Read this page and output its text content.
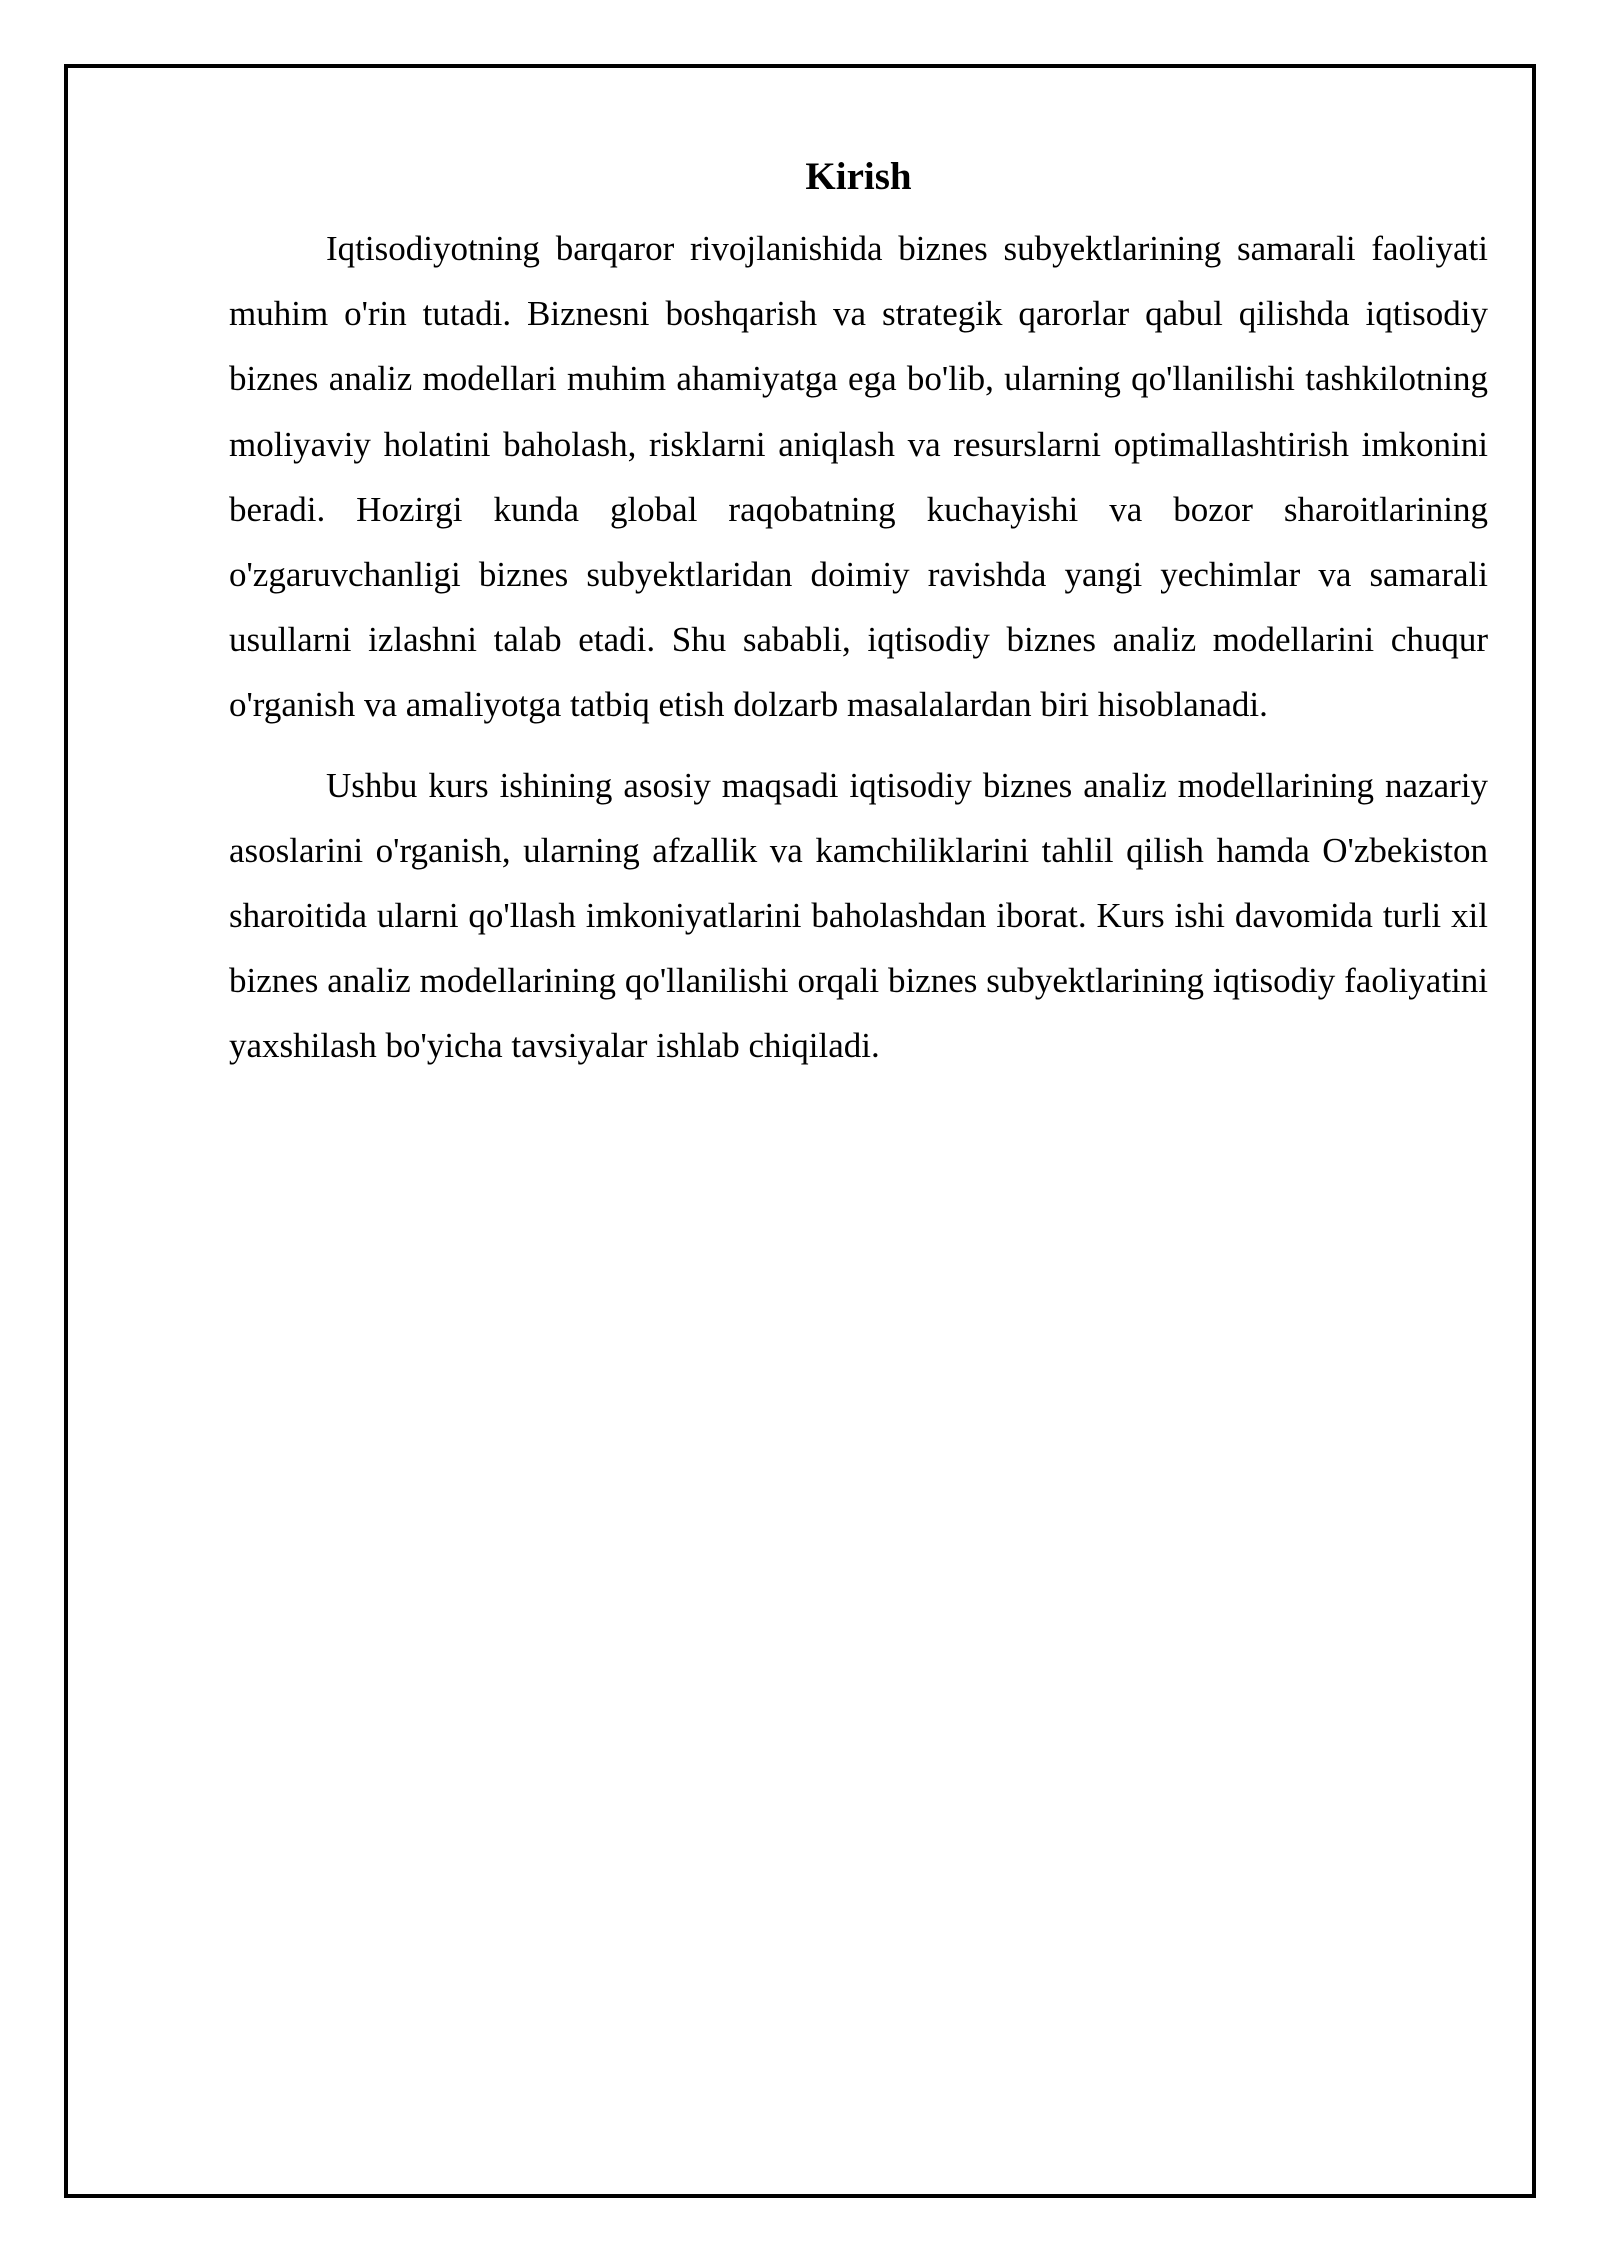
Kirish

Iqtisodiyotning barqaror rivojlanishida biznes subyektlarining samarali faoliyati muhim o'rin tutadi. Biznesni boshqarish va strategik qarorlar qabul qilishda iqtisodiy biznes analiz modellari muhim ahamiyatga ega bo'lib, ularning qo'llanilishi tashkilotning moliyaviy holatini baholash, risklarni aniqlash va resurslarni optimallashtirish imkonini beradi. Hozirgi kunda global raqobatning kuchayishi va bozor sharoitlarining o'zgaruvchanligi biznes subyektlaridan doimiy ravishda yangi yechimlar va samarali usullarni izlashni talab etadi. Shu sababli, iqtisodiy biznes analiz modellarini chuqur o'rganish va amaliyotga tatbiq etish dolzarb masalalardan biri hisoblanadi.

Ushbu kurs ishining asosiy maqsadi iqtisodiy biznes analiz modellarining nazariy asoslarini o'rganish, ularning afzallik va kamchiliklarini tahlil qilish hamda O'zbekiston sharoitida ularni qo'llash imkoniyatlarini baholashdan iborat. Kurs ishi davomida turli xil biznes analiz modellarining qo'llanilishi orqali biznes subyektlarining iqtisodiy faoliyatini yaxshilash bo'yicha tavsiyalar ishlab chiqiladi.
